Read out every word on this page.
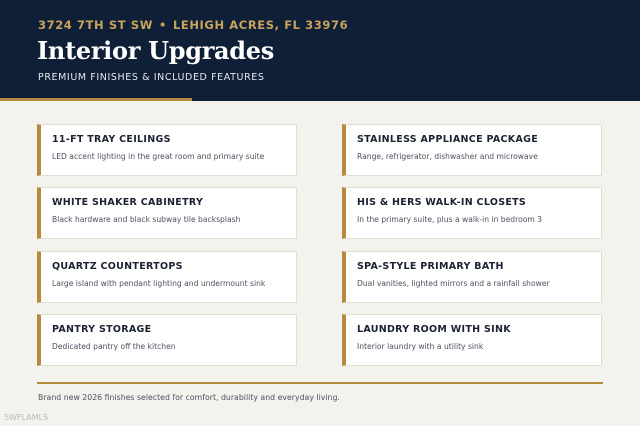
3724 7TH ST SW • LEHIGH ACRES, FL 33976
Interior Upgrades
PREMIUM FINISHES & INCLUDED FEATURES
11-FT TRAY CEILINGS
LED accent lighting in the great room and primary suite
STAINLESS APPLIANCE PACKAGE
Range, refrigerator, dishwasher and microwave
WHITE SHAKER CABINETRY
Black hardware and black subway tile backsplash
HIS & HERS WALK-IN CLOSETS
In the primary suite, plus a walk-in in bedroom 3
QUARTZ COUNTERTOPS
Large island with pendant lighting and undermount sink
SPA-STYLE PRIMARY BATH
Dual vanities, lighted mirrors and a rainfall shower
PANTRY STORAGE
Dedicated pantry off the kitchen
LAUNDRY ROOM WITH SINK
Interior laundry with a utility sink
Brand new 2026 finishes selected for comfort, durability and everyday living.
SWFLAMLS
